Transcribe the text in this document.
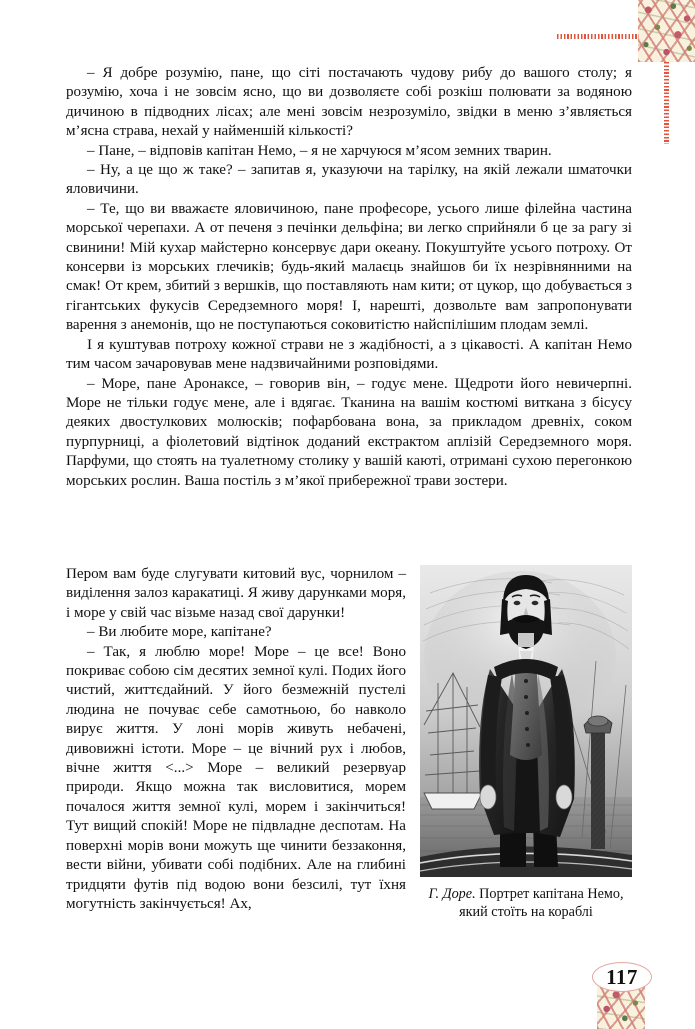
– Я добре розумію, пане, що сіті постачають чудову рибу до вашого столу; я розумію, хоча і не зовсім ясно, що ви дозволяєте собі розкіш полювати за водяною дичиною в підводних лісах; але мені зовсім незрозуміло, звідки в меню з’являється м’ясна страва, нехай у найменшій кількості?

– Пане, – відповів капітан Немо, – я не харчуюся м’ясом земних тварин.

– Ну, а це що ж таке? – запитав я, указуючи на тарілку, на якій лежали шматочки яловичини.

– Те, що ви вважаєте яловичиною, пане професоре, усього лише філейна частина морської черепахи. А от печеня з печінки дельфіна; ви легко сприйняли б це за рагу зі свинини! Мій кухар майстерно консервує дари океану. Покуштуйте усього потроху. От консерви із морських глечиків; будь-який малаєць знайшов би їх незрівнянними на смак! От крем, збитий з вершків, що поставляють нам кити; от цукор, що добувається з гігантських фукусів Середземного моря! І, нарешті, дозвольте вам запропонувати варення з анемонів, що не поступаються соковитістю найспілішим плодам землі.

І я куштував потроху кожної страви не з жадібності, а з цікавості. А капітан Немо тим часом зачаровував мене надзвичайними розповідями.

– Море, пане Аронаксе, – говорив він, – годує мене. Щедроти його невичерпні. Море не тільки годує мене, але і вдягає. Тканина на вашім костюмі виткана з бісусу деяких двостулкових молюсків; пофарбована вона, за прикладом древніх, соком пурпурниці, а фіолетовий відтінок доданий екстрактом аплізій Середземного моря. Парфуми, що стоять на туалетному столику у вашій каюті, отримані сухою перегонкою морських рослин. Ваша постіль з м’якої прибережної трави зостери.

Г. Доре. Портрет капітана Немо, який стоїть на кораблі

Пером вам буде слугувати китовий вус, чорнилом – виділення залоз каракатиці. Я живу дарунками моря, і море у свій час візьме назад свої дарунки!

– Ви любите море, капітане?

– Так, я люблю море! Море – це все! Воно покриває собою сім десятих земної кулі. Подих його чистий, життєдайний. У його безмежній пустелі людина не почуває себе самотньою, бо навколо вирує життя. У лоні морів живуть небачені, дивовижні істоти. Море – це вічний рух і любов, вічне життя <...> Море – великий резервуар природи. Якщо можна так висловитися, морем почалося життя земної кулі, морем і закінчиться! Тут вищий спокій! Море не підвладне деспотам. На поверхні морів вони можуть ще чинити беззаконня, вести війни, убивати собі подібних. Але на глибині тридцяти футів під водою вони безсилі, тут їхня могутність закінчується! Ах,

117
